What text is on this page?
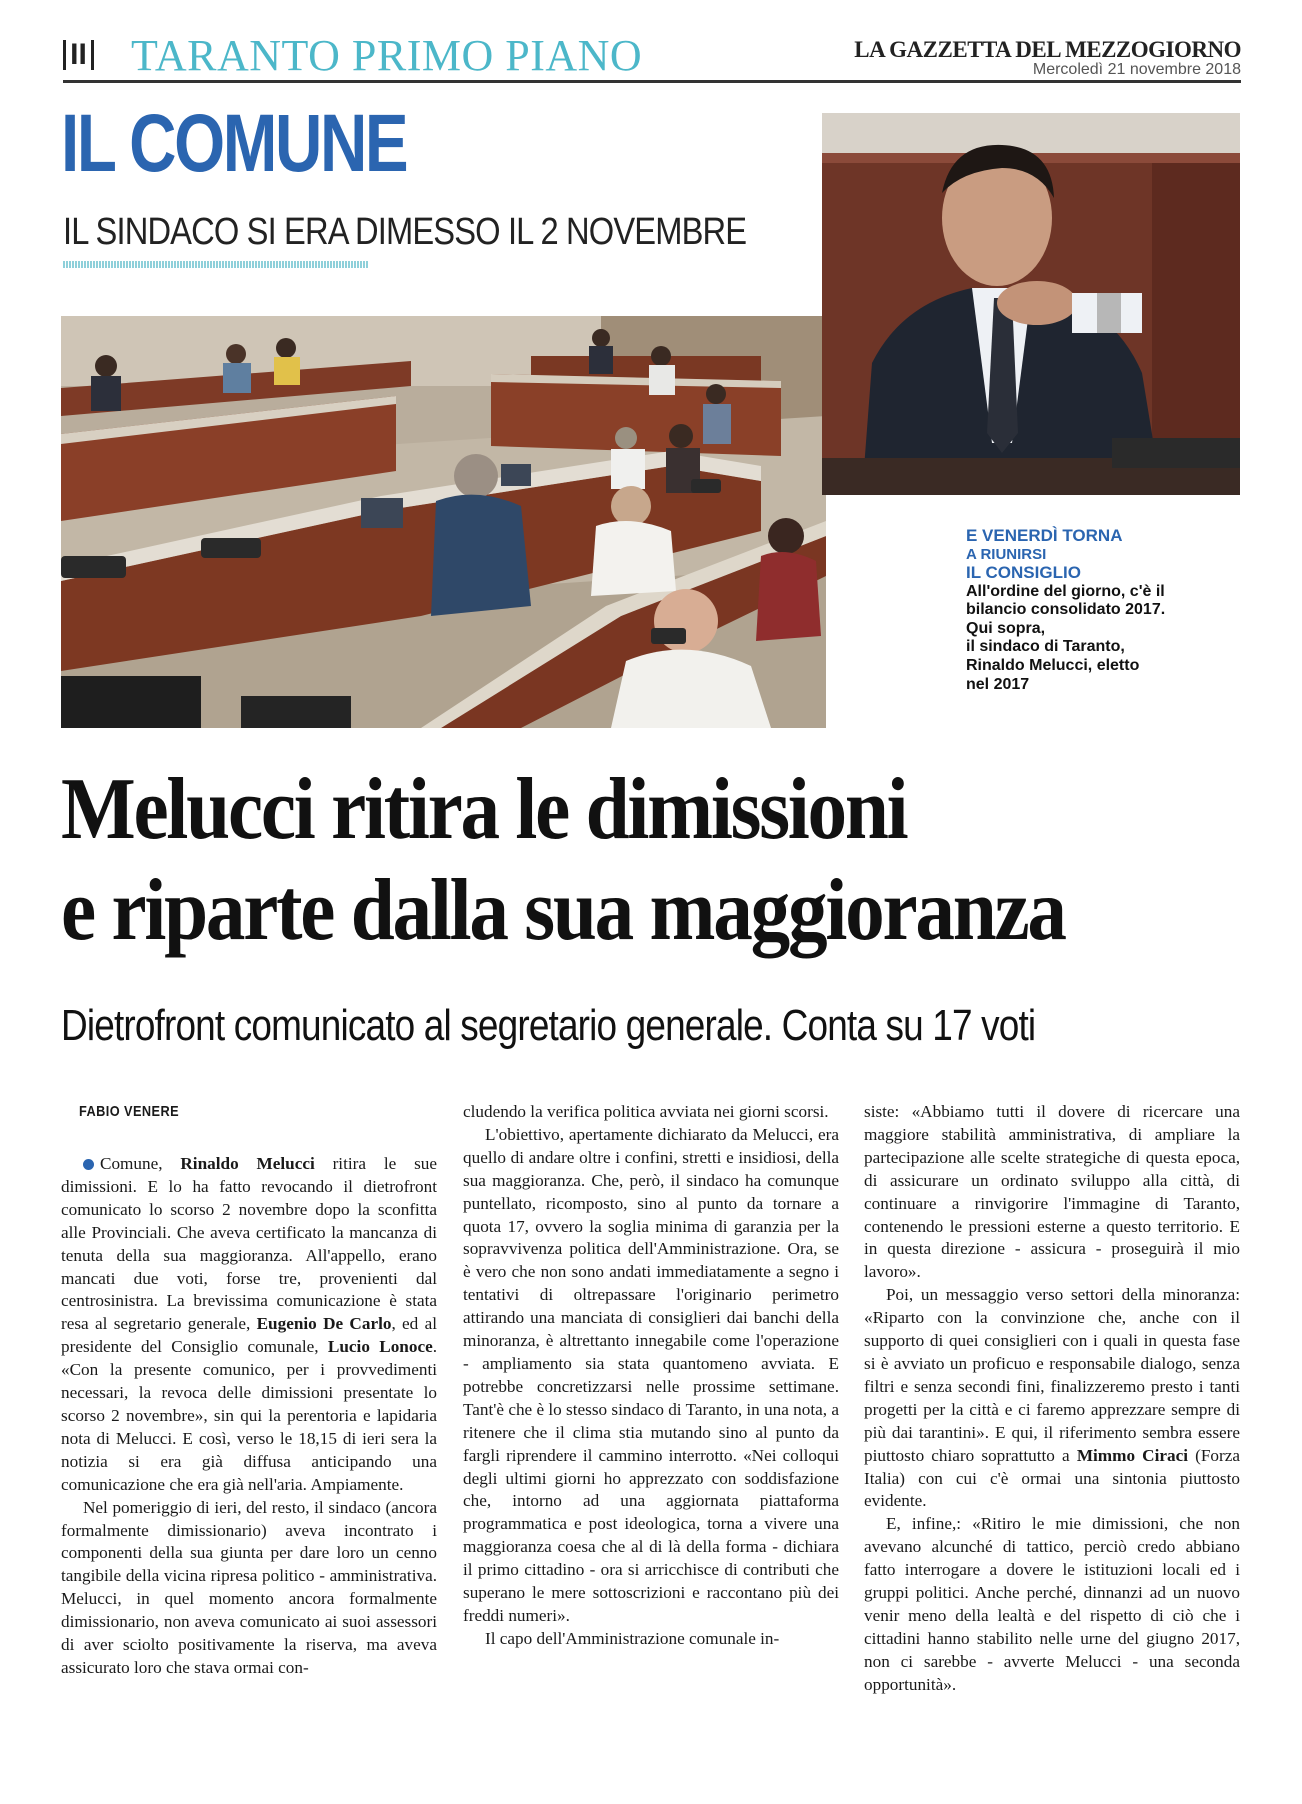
II TARANTO PRIMO PIANO	LA GAZZETTA DEL MEZZOGIORNO
Mercoledì 21 novembre 2018
IL COMUNE
IL SINDACO SI ERA DIMESSO IL 2 NOVEMBRE
E VENERDÌ TORNA
A RIUNIRSI
IL CONSIGLIO
All'ordine del giorno, c'è il
bilancio consolidato 2017.
Qui sopra,
il sindaco di Taranto,
Rinaldo Melucci, eletto
nel 2017
Melucci ritira le dimissioni
e riparte dalla sua maggioranza
Dietrofront comunicato al segretario generale. Conta su 17 voti
FABIO VENERE

Comune, Rinaldo Melucci ritira le sue dimissioni. E lo ha fatto revocando il dietrofront comunicato lo scorso 2 novembre dopo la sconfitta alle Provinciali. Che aveva certificato la mancanza di tenuta della sua maggioranza. All'appello, erano mancati due voti, forse tre, provenienti dal centrosinistra. La brevissima comunicazione è stata resa al segretario generale, Eugenio De Carlo, ed al presidente del Consiglio comunale, Lucio Lonoce. «Con la presente comunico, per i provvedimenti necessari, la revoca delle dimissioni presentate lo scorso 2 novembre», sin qui la perentoria e lapidaria nota di Melucci. E così, verso le 18,15 di ieri sera la notizia si era già diffusa anticipando una comunicazione che era già nell'aria. Ampiamente.

Nel pomeriggio di ieri, del resto, il sindaco (ancora formalmente dimissionario) aveva incontrato i componenti della sua giunta per dare loro un cenno tangibile della vicina ripresa politico - amministrativa. Melucci, in quel momento ancora formalmente dimissionario, non aveva comunicato ai suoi assessori di aver sciolto positivamente la riserva, ma aveva assicurato loro che stava ormai con-

cludendo la verifica politica avviata nei giorni scorsi.

L'obiettivo, apertamente dichiarato da Melucci, era quello di andare oltre i confini, stretti e insidiosi, della sua maggioranza. Che, però, il sindaco ha comunque puntellato, ricomposto, sino al punto da tornare a quota 17, ovvero la soglia minima di garanzia per la sopravvivenza politica dell'Amministrazione. Ora, se è vero che non sono andati immediatamente a segno i tentativi di oltrepassare l'originario perimetro attirando una manciata di consiglieri dai banchi della minoranza, è altrettanto innegabile come l'operazione - ampliamento sia stata quantomeno avviata. E potrebbe concretizzarsi nelle prossime settimane. Tant'è che è lo stesso sindaco di Taranto, in una nota, a ritenere che il clima stia mutando sino al punto da fargli riprendere il cammino interrotto. «Nei colloqui degli ultimi giorni ho apprezzato con soddisfazione che, intorno ad una aggiornata piattaforma programmatica e post ideologica, torna a vivere una maggioranza coesa che al di là della forma - dichiara il primo cittadino - ora si arricchisce di contributi che superano le mere sottoscrizioni e raccontano più dei freddi numeri».

Il capo dell'Amministrazione comunale in-

siste: «Abbiamo tutti il dovere di ricercare una maggiore stabilità amministrativa, di ampliare la partecipazione alle scelte strategiche di questa epoca, di assicurare un ordinato sviluppo alla città, di continuare a rinvigorire l'immagine di Taranto, contenendo le pressioni esterne a questo territorio. E in questa direzione - assicura - proseguirà il mio lavoro».

Poi, un messaggio verso settori della minoranza: «Riparto con la convinzione che, anche con il supporto di quei consiglieri con i quali in questa fase si è avviato un proficuo e responsabile dialogo, senza filtri e senza secondi fini, finalizzeremo presto i tanti progetti per la città e ci faremo apprezzare sempre di più dai tarantini». E qui, il riferimento sembra essere piuttosto chiaro soprattutto a Mimmo Ciraci (Forza Italia) con cui c'è ormai una sintonia piuttosto evidente.

E, infine,: «Ritiro le mie dimissioni, che non avevano alcunché di tattico, perciò credo abbiano fatto interrogare a dovere le istituzioni locali ed i gruppi politici. Anche perché, dinnanzi ad un nuovo venir meno della lealtà e del rispetto di ciò che i cittadini hanno stabilito nelle urne del giugno 2017, non ci sarebbe - avverte Melucci - una seconda opportunità».
